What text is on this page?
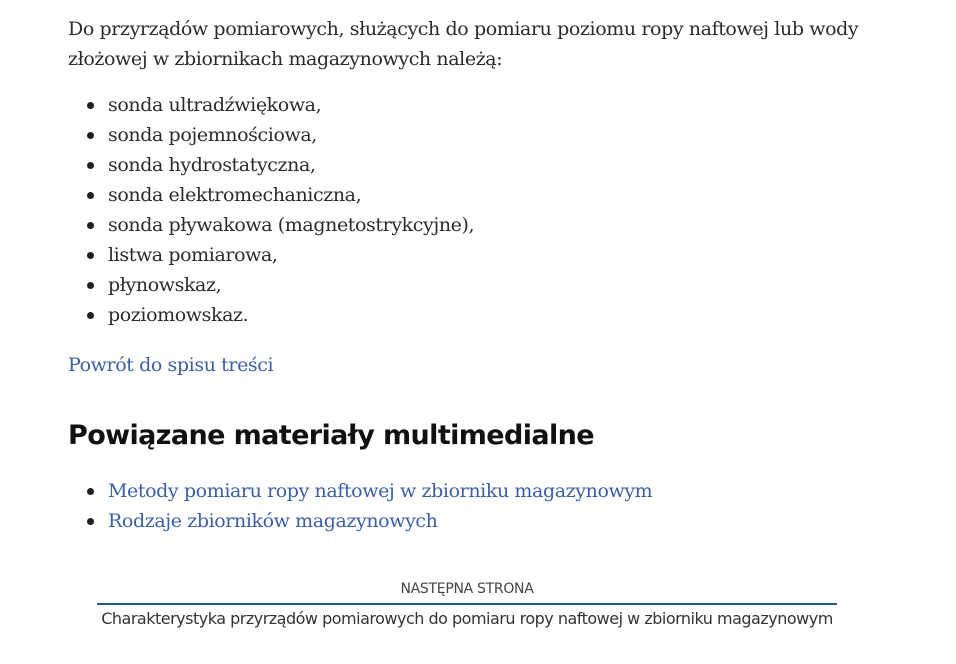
Do przyrządów pomiarowych, służących do pomiaru poziomu ropy naftowej lub wody złożowej w zbiornikach magazynowych należą:

sonda ultradźwiękowa,
sonda pojemnościowa,
sonda hydrostatyczna,
sonda elektromechaniczna,
sonda pływakowa (magnetostrykcyjne),
listwa pomiarowa,
płynowskaz,
poziomowskaz.
Powrót do spisu treści
Powiązane materiały multimedialne
Metody pomiaru ropy naftowej w zbiorniku magazynowym
Rodzaje zbiorników magazynowych
NASTĘPNA STRONA
Charakterystyka przyrządów pomiarowych do pomiaru ropy naftowej w zbiorniku magazynowym
